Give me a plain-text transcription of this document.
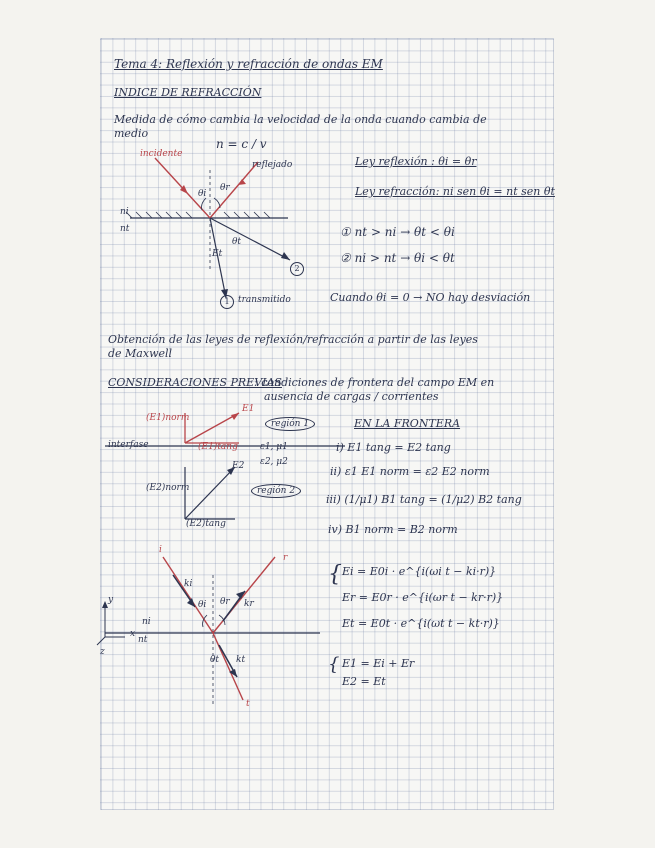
Tema 4: Reflexión y refracción de ondas EM
INDICE DE REFRACCIÓN
Medida de cómo cambia la velocidad de la onda cuando cambia de
medio
incidente
reflejado
n = c / v
θi
θr
ni
nt
θt
Et
2
1 transmitido
Ley reflexión : θi = θr
Ley refracción: ni sen θi = nt sen θt
① nt > ni → θt < θi
② ni > nt → θi < θt
Cuando θi = 0 → NO hay desviación
Obtención de las leyes de reflexión/refracción a partir de las leyes
de Maxwell
CONSIDERACIONES PREVIAS
: condiciones de frontera del campo EM en
ausencia de cargas / corrientes
(E1)norm
E1
región 1
interfase	(E1)tang ε1, μ1
ε2, μ2
E2
(E2)norm	región 2
(E2)tang
EN LA FRONTERA
i) E1 tang = E2 tang
ii) ε1 E1 norm = ε2 E2 norm
iii) (1/μ1) B1 tang = (1/μ2) B2 tang
iv) B1 norm = B2 norm
i
r
t
ki
kr
kt
θi θr
θt
ni
nt
y
x
z
{ Ei = E0i · e^{i(ωi t − ki·r)}
Er = E0r · e^{i(ωr t − kr·r)}
Et = E0t · e^{i(ωt t − kt·r)}
{ E1 = Ei + Er
E2 = Et
